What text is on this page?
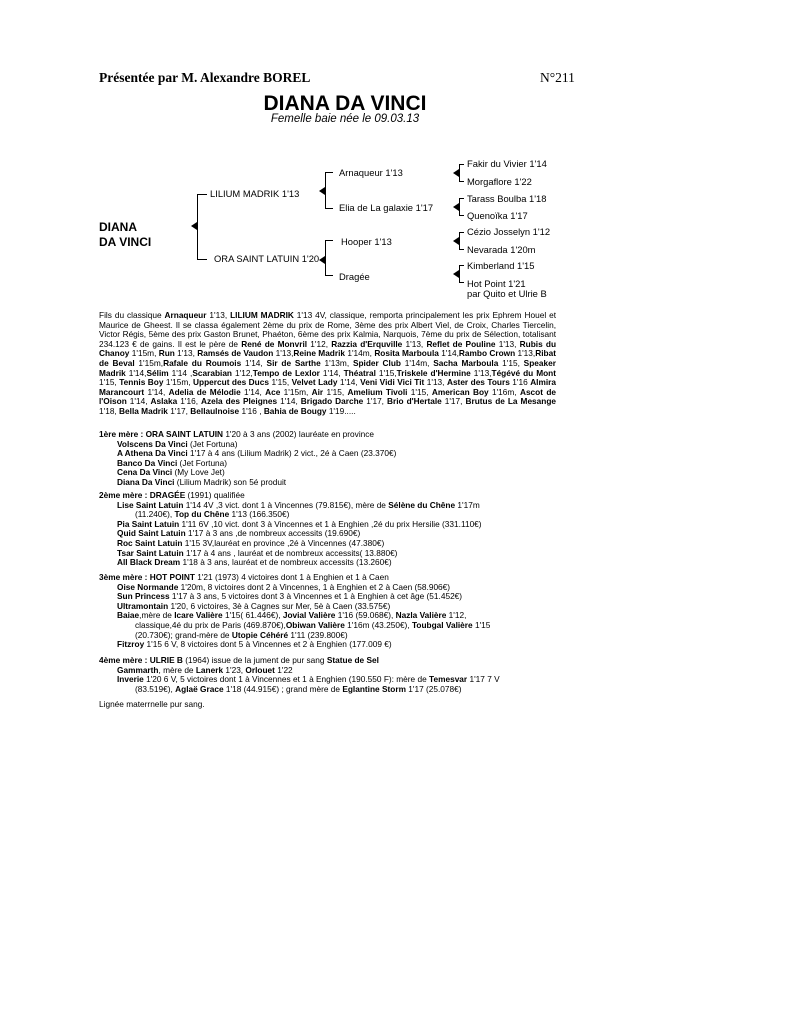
Présentée par M. Alexandre BOREL	N°211
DIANA DA VINCI
Femelle baie née le 09.03.13
DIANA
DA VINCI
LILIUM MADRIK 1'13
ORA SAINT LATUIN 1'20
Arnaqueur 1'13
Elia de La galaxie 1'17
Hooper 1'13
Dragée
Fakir du Vivier 1'14
Morgaflore 1'22
Tarass Boulba 1'18
Quenoïka 1'17
Cézio Josselyn 1'12
Nevarada 1'20m
Kimberland 1'15
Hot Point 1'21
par Quito et Ulrie B
Fils du classique Arnaqueur 1'13, LILIUM MADRIK 1'13 4V, classique, remporta principalement les prix Ephrem Houel et Maurice de Gheest. Il se classa également 2ème du prix de Rome, 3ème des prix Albert Viel, de Croix, Charles Tiercelin, Victor Régis, 5ème des prix Gaston Brunet, Phaéton, 6ème des prix Kalmia, Narquois, 7ème du prix de Sélection, totalisant 234.123 € de gains. Il est le père de René de Monvril 1'12, Razzia d'Erquville 1'13, Reflet de Pouline 1'13, Rubis du Chanoy 1'15m, Run 1'13, Ramsés de Vaudon 1'13,Reine Madrik 1'14m, Rosita Marboula 1'14,Rambo Crown 1'13,Ribat de Beval 1'15m,Rafale du Roumois 1'14, Sir de Sarthe 1'13m, Spider Club 1'14m, Sacha Marboula 1'15, Speaker Madrik 1'14,Sélim 1'14 ,Scarabian 1'12,Tempo de Lexlor 1'14, Théatral 1'15,Triskele d'Hermine 1'13,Tégévé du Mont 1'15, Tennis Boy 1'15m, Uppercut des Ducs 1'15, Velvet Lady 1'14, Veni Vidi Vici Tit 1'13, Aster des Tours 1'16 Almira Marancourt 1'14, Adelia de Mélodie 1'14, Ace 1'15m, Air 1'15, Amelium Tivoli 1'15, American Boy 1'16m, Ascot de l'Oison 1'14, Aslaka 1'16, Azela des Pleignes 1'14, Brigado Darche 1'17, Brio d'Hertale 1'17, Brutus de La Mesange 1'18, Bella Madrik 1'17, Bellaulnoise 1'16 , Bahia de Bougy 1'19.....
1ère mère : ORA SAINT LATUIN 1'20 à 3 ans (2002) lauréate en province
Volscens Da Vinci (Jet Fortuna)
A Athena Da Vinci 1'17 à 4 ans (Lilium Madrik) 2 vict., 2é à Caen (23.370€)
Banco Da Vinci (Jet Fortuna)
Cena Da Vinci (My Love Jet)
Diana Da Vinci (Lilium Madrik) son 5é produit
2ème mère : DRAGÉE (1991) qualifiée
Lise Saint Latuin 1'14 4V ,3 vict. dont 1 à Vincennes (79.815€), mère de Sélène du Chêne 1'17m
(11.240€), Top du Chêne 1'13 (166.350€)
Pia Saint Latuin 1'11 6V ,10 vict. dont 3 à Vincennes et 1 à Enghien ,2é du prix Hersilie (331.110€)
Quid Saint Latuin 1'17 à 3 ans ,de nombreux accessits (19.690€)
Roc Saint Latuin 1'15 3V,lauréat en province ,2é à Vincennes (47.380€)
Tsar Saint Latuin 1'17 à 4 ans , lauréat et de nombreux accessits( 13.880€)
All Black Dream 1'18 à 3 ans, lauréat et de nombreux accessits (13.260€)
3ème mère : HOT POINT 1'21 (1973) 4 victoires dont 1 à Enghien et 1 à Caen
Oise Normande 1'20m, 8 victoires dont 2 à Vincennes, 1 à Enghien et 2 à Caen (58.906€)
Sun Princess 1'17 à 3 ans, 5 victoires dont 3 à Vincennes et 1 à Enghien à cet âge (51.452€)
Ultramontain 1'20, 6 victoires, 3è à Cagnes sur Mer, 5è à Caen (33.575€)
Baiae,mère de Icare Valière 1'15( 61.446€), Jovial Valière 1'16 (59.068€), Nazla Valière 1'12,
classique,4é du prix de Paris (469.870€),Obiwan Valière 1'16m (43.250€), Toubgal Valière 1'15
(20.730€); grand-mère de Utopie Céhéré 1'11 (239.800€)
Fitzroy 1'15 6 V, 8 victoires dont 5 à Vincennes et 2 à Enghien (177.009 €)
4ème mère : ULRIE B (1964) issue de la jument de pur sang Statue de Sel
Gammarth, mère de Lanerk 1'23, Orlouet 1'22
Inverie 1'20 6 V, 5 victoires dont 1 à Vincennes et 1 à Enghien (190.550 F): mère de Temesvar 1'17 7 V
(83.519€), Aglaë Grace 1'18 (44.915€) ; grand mère de Eglantine Storm 1'17 (25.078€)
Lignée materrnelle pur sang.
